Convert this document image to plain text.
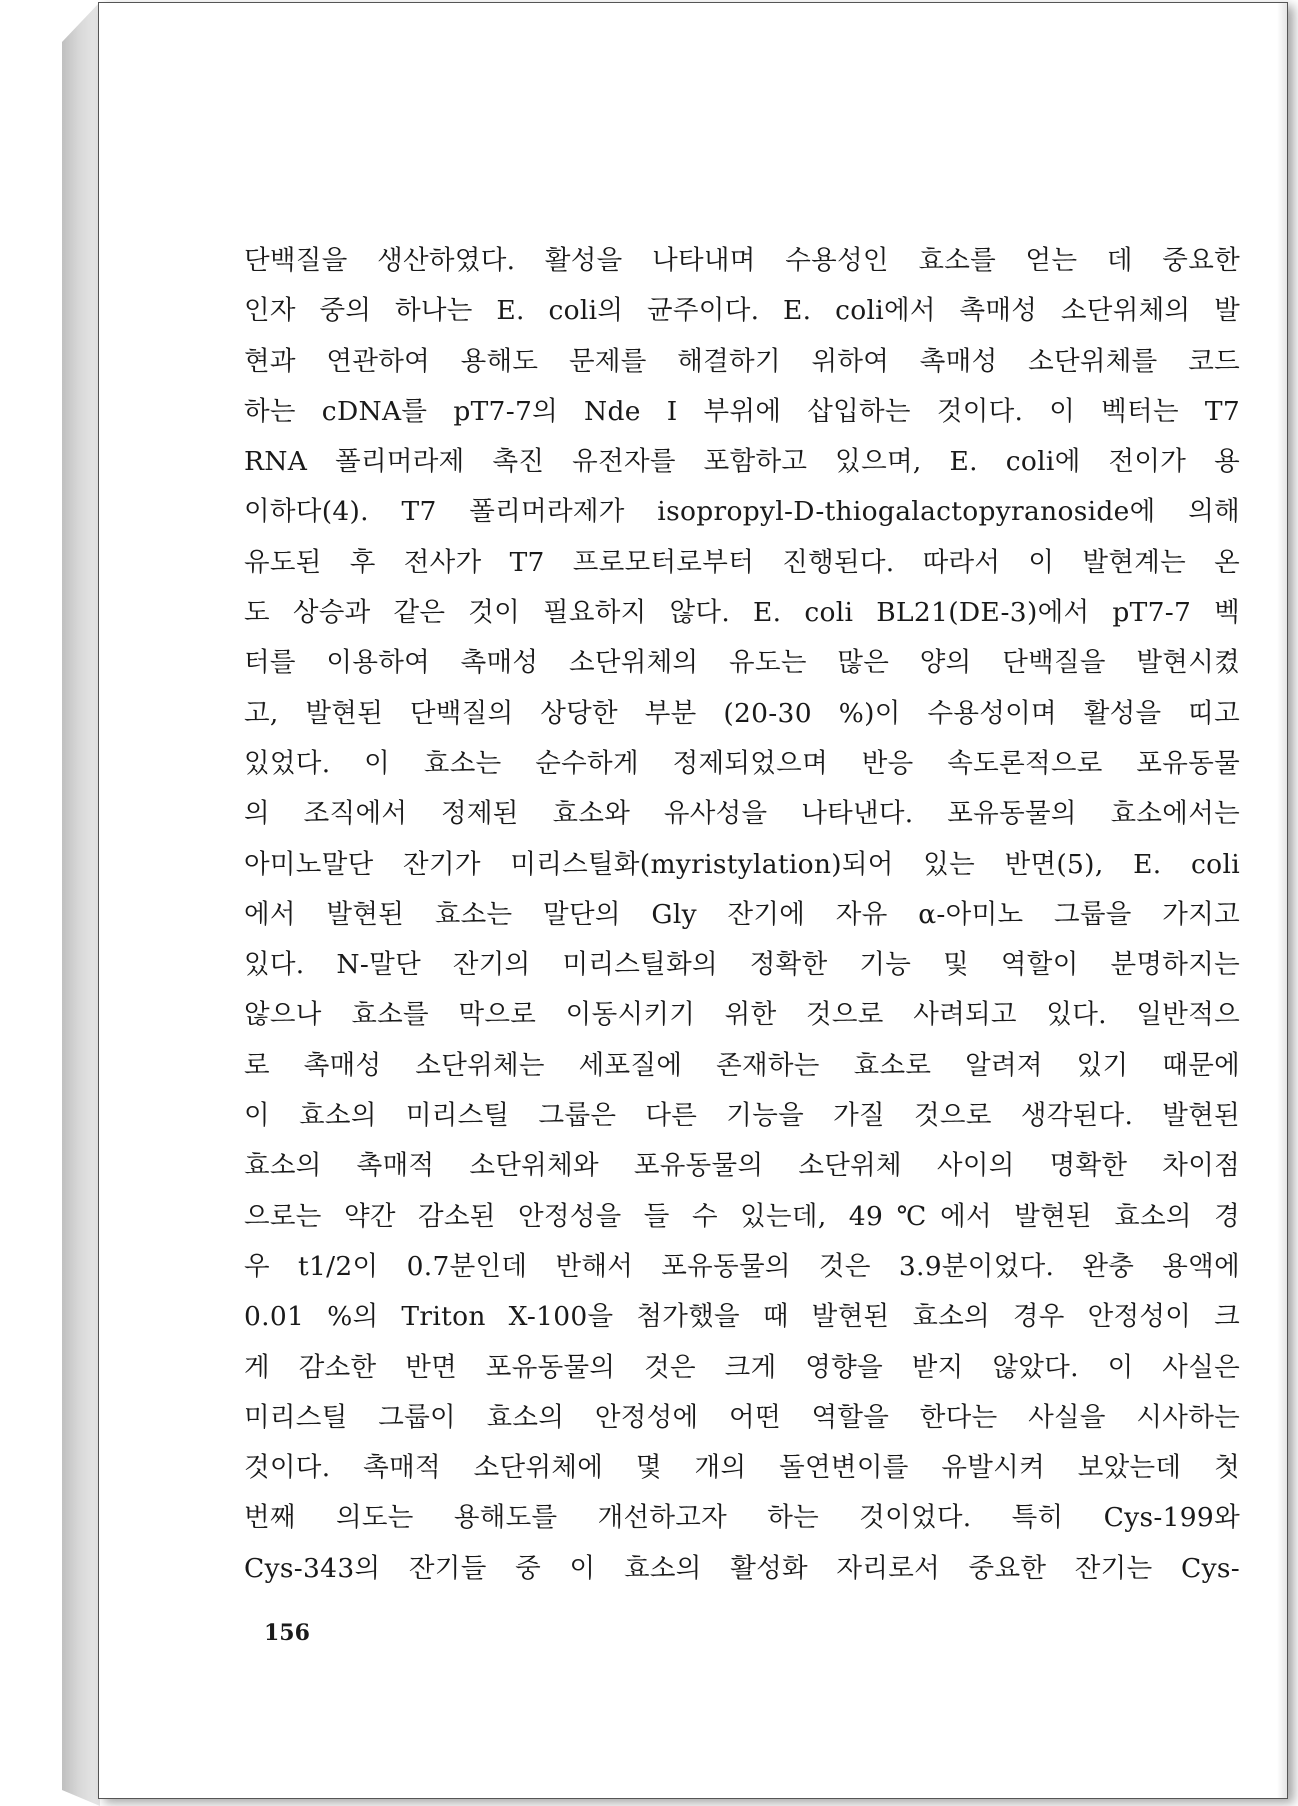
단백질을 생산하였다. 활성을 나타내며 수용성인 효소를 얻는 데 중요한
인자 중의 하나는 E. coli의 균주이다. E. coli에서 촉매성 소단위체의 발
현과 연관하여 용해도 문제를 해결하기 위하여 촉매성 소단위체를 코드
하는 cDNA를 pT7-7의 Nde I 부위에 삽입하는 것이다. 이 벡터는 T7
RNA 폴리머라제 촉진 유전자를 포함하고 있으며, E. coli에 전이가 용
이하다(4). T7 폴리머라제가 isopropyl-D-thiogalactopyranoside에 의해
유도된 후 전사가 T7 프로모터로부터 진행된다. 따라서 이 발현계는 온
도 상승과 같은 것이 필요하지 않다. E. coli BL21(DE-3)에서 pT7-7 벡
터를 이용하여 촉매성 소단위체의 유도는 많은 양의 단백질을 발현시켰
고, 발현된 단백질의 상당한 부분 (20-30 %)이 수용성이며 활성을 띠고
있었다. 이 효소는 순수하게 정제되었으며 반응 속도론적으로 포유동물
의 조직에서 정제된 효소와 유사성을 나타낸다. 포유동물의 효소에서는
아미노말단 잔기가 미리스틸화(myristylation)되어 있는 반면(5), E. coli
에서 발현된 효소는 말단의 Gly 잔기에 자유 α-아미노 그룹을 가지고
있다. N-말단 잔기의 미리스틸화의 정확한 기능 및 역할이 분명하지는
않으나 효소를 막으로 이동시키기 위한 것으로 사려되고 있다. 일반적으
로 촉매성 소단위체는 세포질에 존재하는 효소로 알려져 있기 때문에
이 효소의 미리스틸 그룹은 다른 기능을 가질 것으로 생각된다. 발현된
효소의 촉매적 소단위체와 포유동물의 소단위체 사이의 명확한 차이점
으로는 약간 감소된 안정성을 들 수 있는데, 49℃에서 발현된 효소의 경
우 t1/2이 0.7분인데 반해서 포유동물의 것은 3.9분이었다. 완충 용액에
0.01 %의 Triton X-100을 첨가했을 때 발현된 효소의 경우 안정성이 크
게 감소한 반면 포유동물의 것은 크게 영향을 받지 않았다. 이 사실은
미리스틸 그룹이 효소의 안정성에 어떤 역할을 한다는 사실을 시사하는
것이다. 촉매적 소단위체에 몇 개의 돌연변이를 유발시켜 보았는데 첫
번째 의도는 용해도를 개선하고자 하는 것이었다. 특히 Cys-199와
Cys-343의 잔기들 중 이 효소의 활성화 자리로서 중요한 잔기는 Cys-
156
